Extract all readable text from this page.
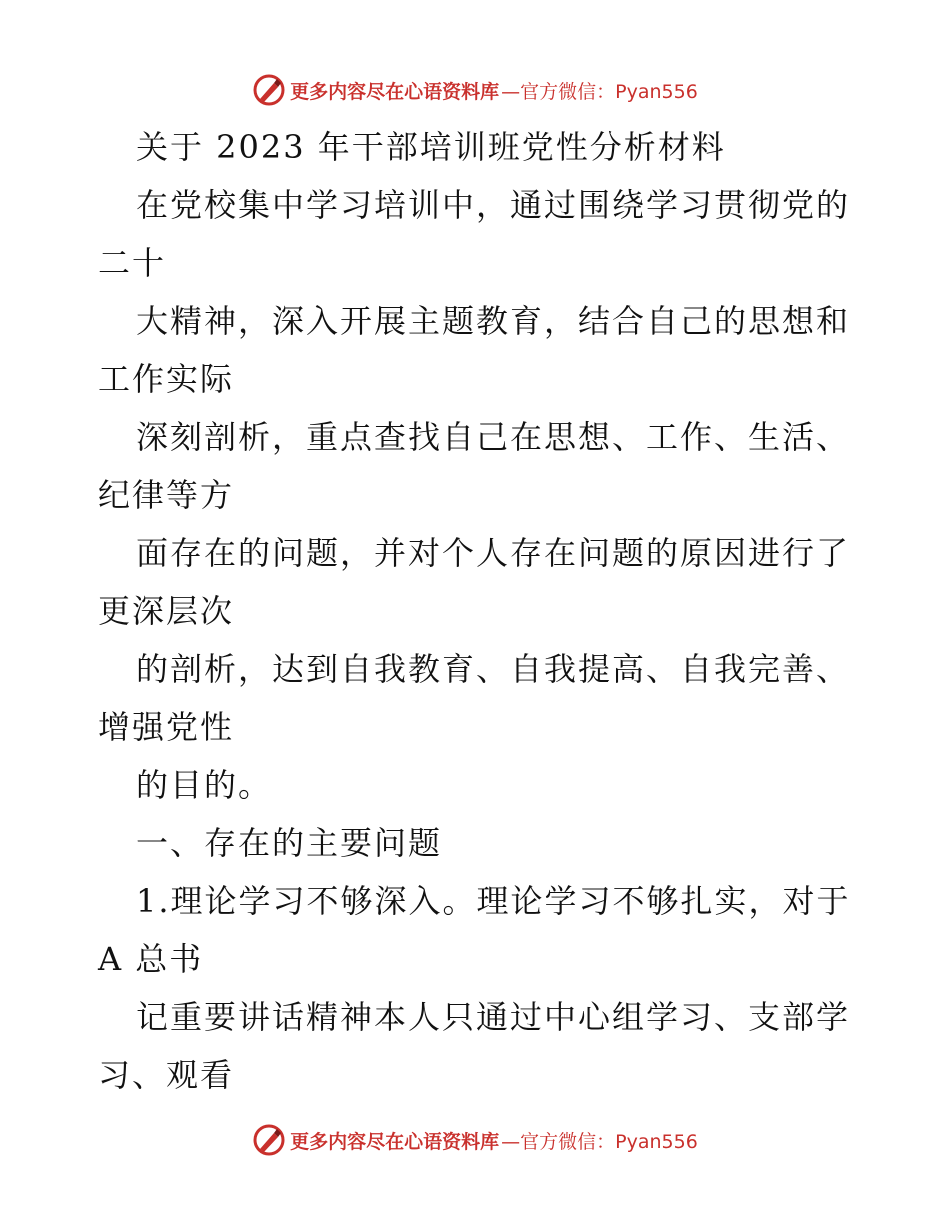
更多内容尽在心语资料库 —官方微信：Pyan556
关于 2023 年干部培训班党性分析材料
在党校集中学习培训中，通过围绕学习贯彻党的
二十
大精神，深入开展主题教育，结合自己的思想和
工作实际
深刻剖析，重点查找自己在思想、工作、生活、
纪律等方
面存在的问题，并对个人存在问题的原因进行了
更深层次
的剖析，达到自我教育、自我提高、自我完善、
增强党性
的目的。
一、存在的主要问题
1.理论学习不够深入。理论学习不够扎实，对于
A 总书
记重要讲话精神本人只通过中心组学习、支部学
习、观看
更多内容尽在心语资料库 —官方微信：Pyan556
